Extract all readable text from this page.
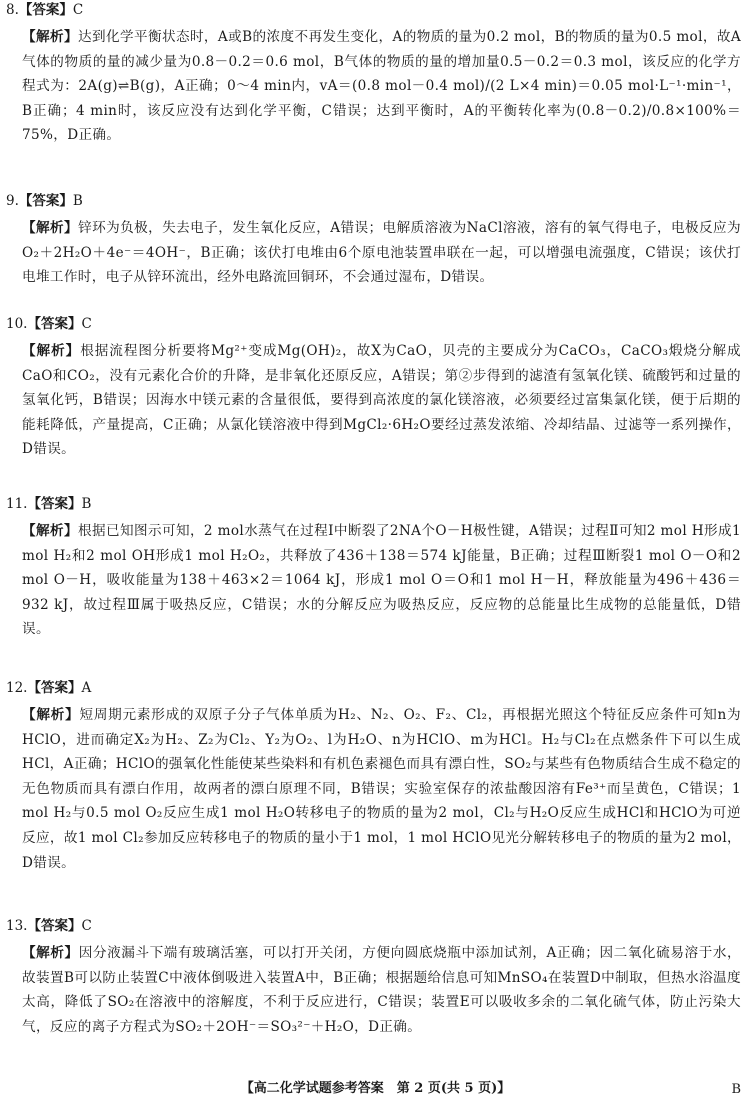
8.【答案】C
【解析】达到化学平衡状态时，A或B的浓度不再发生变化，A的物质的量为0.2 mol，B的物质的量为0.5 mol，故A气体的物质的量的减少量为0.8－0.2＝0.6 mol，B气体的物质的量的增加量0.5－0.2＝0.3 mol，该反应的化学方程式为：2A(g)⇌B(g)，A正确；0～4 min内，vA＝(0.8 mol－0.4 mol)/(2 L×4 min)＝0.05 mol·L⁻¹·min⁻¹，B正确；4 min时，该反应没有达到化学平衡，C错误；达到平衡时，A的平衡转化率为(0.8－0.2)/0.8×100%＝75%，D正确。
9.【答案】B
【解析】锌环为负极，失去电子，发生氧化反应，A错误；电解质溶液为NaCl溶液，溶有的氧气得电子，电极反应为O₂＋2H₂O＋4e⁻＝4OH⁻，B正确；该伏打电堆由6个原电池装置串联在一起，可以增强电流强度，C错误；该伏打电堆工作时，电子从锌环流出，经外电路流回铜环，不会通过湿布，D错误。
10.【答案】C
【解析】根据流程图分析要将Mg²⁺变成Mg(OH)₂，故X为CaO，贝壳的主要成分为CaCO₃，CaCO₃煅烧分解成CaO和CO₂，没有元素化合价的升降，是非氧化还原反应，A错误；第②步得到的滤渣有氢氧化镁、硫酸钙和过量的氢氧化钙，B错误；因海水中镁元素的含量很低，要得到高浓度的氯化镁溶液，必须要经过富集氯化镁，便于后期的能耗降低，产量提高，C正确；从氯化镁溶液中得到MgCl₂·6H₂O要经过蒸发浓缩、冷却结晶、过滤等一系列操作，D错误。
11.【答案】B
【解析】根据已知图示可知，2 mol水蒸气在过程Ⅰ中断裂了2NA个O－H极性键，A错误；过程Ⅱ可知2 mol H形成1 mol H₂和2 mol OH形成1 mol H₂O₂，共释放了436＋138＝574 kJ能量，B正确；过程Ⅲ断裂1 mol O－O和2 mol O－H，吸收能量为138＋463×2＝1064 kJ，形成1 mol O＝O和1 mol H－H，释放能量为496＋436＝932 kJ，故过程Ⅲ属于吸热反应，C错误；水的分解反应为吸热反应，反应物的总能量比生成物的总能量低，D错误。
12.【答案】A
【解析】短周期元素形成的双原子分子气体单质为H₂、N₂、O₂、F₂、Cl₂，再根据光照这个特征反应条件可知n为HClO，进而确定X₂为H₂、Z₂为Cl₂、Y₂为O₂、l为H₂O、n为HClO、m为HCl。H₂与Cl₂在点燃条件下可以生成HCl，A正确；HClO的强氧化性能使某些染料和有机色素褪色而具有漂白性，SO₂与某些有色物质结合生成不稳定的无色物质而具有漂白作用，故两者的漂白原理不同，B错误；实验室保存的浓盐酸因溶有Fe³⁺而呈黄色，C错误；1 mol H₂与0.5 mol O₂反应生成1 mol H₂O转移电子的物质的量为2 mol，Cl₂与H₂O反应生成HCl和HClO为可逆反应，故1 mol Cl₂参加反应转移电子的物质的量小于1 mol，1 mol HClO见光分解转移电子的物质的量为2 mol，D错误。
13.【答案】C
【解析】因分液漏斗下端有玻璃活塞，可以打开关闭，方便向圆底烧瓶中添加试剂，A正确；因二氧化硫易溶于水，故装置B可以防止装置C中液体倒吸进入装置A中，B正确；根据题给信息可知MnSO₄在装置D中制取，但热水浴温度太高，降低了SO₂在溶液中的溶解度，不利于反应进行，C错误；装置E可以吸收多余的二氧化硫气体，防止污染大气，反应的离子方程式为SO₂＋2OH⁻＝SO₃²⁻＋H₂O，D正确。
【高二化学试题参考答案　第 2 页(共 5 页)】	B
